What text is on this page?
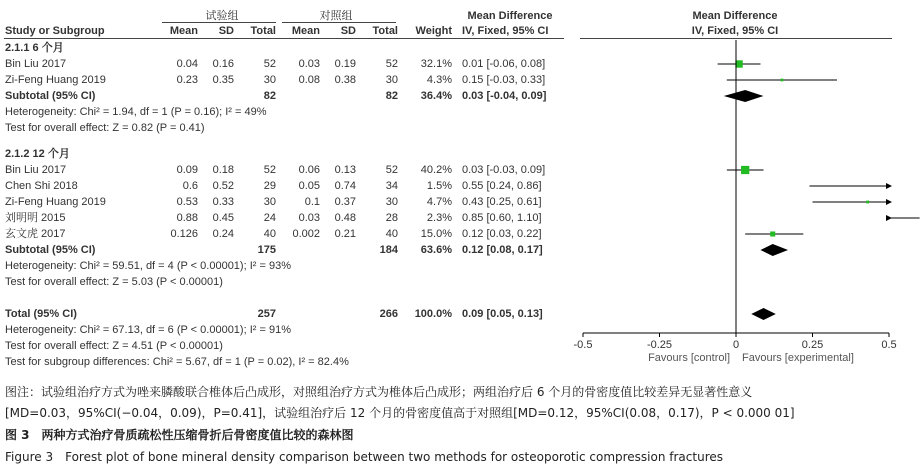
试验组	对照组	Mean Difference	Mean Difference
Study or Subgroup	Mean	SD	Total	Mean	SD	Total	Weight IV, Fixed, 95% CI	IV, Fixed, 95% CI
2.1.1 6 个月
Bin Liu 2017	0.04	0.16	52	0.03	0.19	52	32.1% 0.01 [-0.06, 0.08]
Zi-Feng Huang 2019	0.23	0.35	30	0.08	0.38	30	4.3% 0.15 [-0.03, 0.33]
Subtotal (95% CI)	82	82	36.4% 0.03 [-0.04, 0.09]
Heterogeneity: Chi² = 1.94, df = 1 (P = 0.16); I² = 49%
Test for overall effect: Z = 0.82 (P = 0.41)
2.1.2 12 个月
Bin Liu 2017	0.09	0.18	52	0.06	0.13	52	40.2% 0.03 [-0.03, 0.09]
Chen Shi 2018	0.6	0.52	29	0.05	0.74	34	1.5% 0.55 [0.24, 0.86]
Zi-Feng Huang 2019	0.53	0.33	30	0.1	0.37	30	4.7% 0.43 [0.25, 0.61]
刘明明 2015	0.88	0.45	24	0.03	0.48	28	2.3% 0.85 [0.60, 1.10]
玄文虎 2017	0.126	0.24	40	0.002	0.21	40	15.0% 0.12 [0.03, 0.22]
Subtotal (95% CI)	175	184	63.6% 0.12 [0.08, 0.17]
Heterogeneity: Chi² = 59.51, df = 4 (P < 0.00001); I² = 93%
Test for overall effect: Z = 5.03 (P < 0.00001)
Total (95% CI)	257	266	100.0% 0.09 [0.05, 0.13]
Heterogeneity: Chi² = 67.13, df = 6 (P < 0.00001); I² = 91%
Test for overall effect: Z = 4.51 (P < 0.00001)
Test for subgroup differences: Chi² = 5.67, df = 1 (P = 0.02), I² = 82.4%
-0.5	-0.25	0	0.25	0.5
Favours [control] Favours [experimental]
图注：试验组治疗方式为唑来膦酸联合椎体后凸成形，对照组治疗方式为椎体后凸成形；两组治疗后 6 个月的骨密度值比较差异无显著性意义
[MD=0.03，95%CI(−0.04，0.09)，P=0.41]，试验组治疗后 12 个月的骨密度值高于对照组[MD=0.12，95%CI(0.08，0.17)，P < 0.000 01]
图 3　两种方式治疗骨质疏松性压缩骨折后骨密度值比较的森林图
Figure 3　Forest plot of bone mineral density comparison between two methods for osteoporotic compression fractures
